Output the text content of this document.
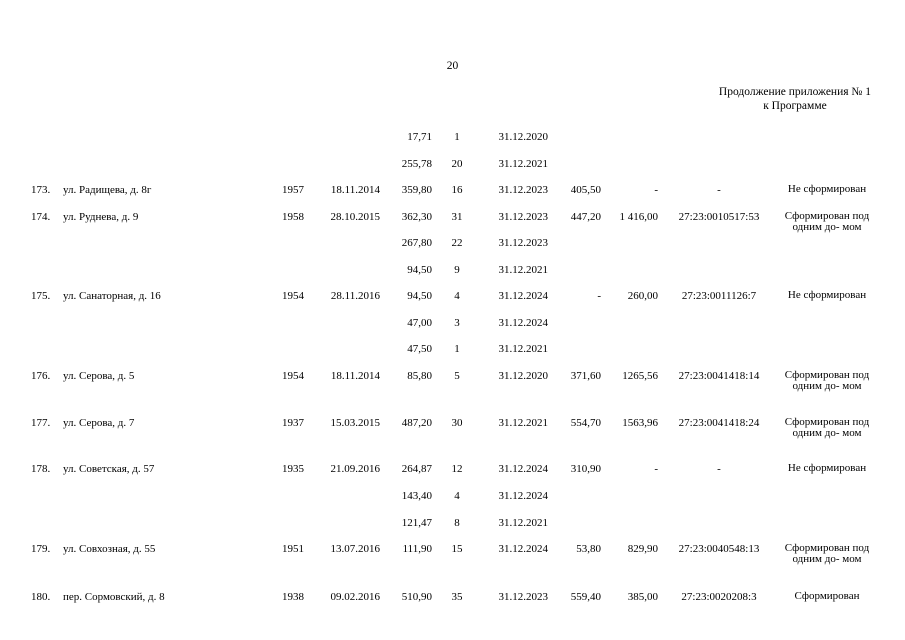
20
Продолжение приложения № 1
к Программе
17,71	1	31.12.2020
255,78	20	31.12.2021
173.	ул. Радищева, д. 8г	1957	18.11.2014	359,80	16	31.12.2023	405,50	-	-	Не сформирован
174.	ул. Руднева, д. 9	1958	28.10.2015	362,30	31	31.12.2023	447,20	1 416,00	27:23:0010517:53	Сформирован под одним до- мом
267,80	22	31.12.2023
94,50	9	31.12.2021
175.	ул. Санаторная, д. 16	1954	28.11.2016	94,50	4	31.12.2024	-	260,00	27:23:0011126:7	Не сформирован
47,00	3	31.12.2024
47,50	1	31.12.2021
176.	ул. Серова, д. 5	1954	18.11.2014	85,80	5	31.12.2020	371,60	1265,56	27:23:0041418:14	Сформирован под одним до- мом
177.	ул. Серова, д. 7	1937	15.03.2015	487,20	30	31.12.2021	554,70	1563,96	27:23:0041418:24	Сформирован под одним до- мом
178.	ул. Советская, д. 57	1935	21.09.2016	264,87	12	31.12.2024	310,90	-	-	Не сформирован
143,40	4	31.12.2024
121,47	8	31.12.2021
179.	ул. Совхозная, д. 55	1951	13.07.2016	111,90	15	31.12.2024	53,80	829,90	27:23:0040548:13	Сформирован под одним до- мом
180.	пер. Сормовский, д. 8	1938	09.02.2016	510,90	35	31.12.2023	559,40	385,00	27:23:0020208:3	Сформирован
